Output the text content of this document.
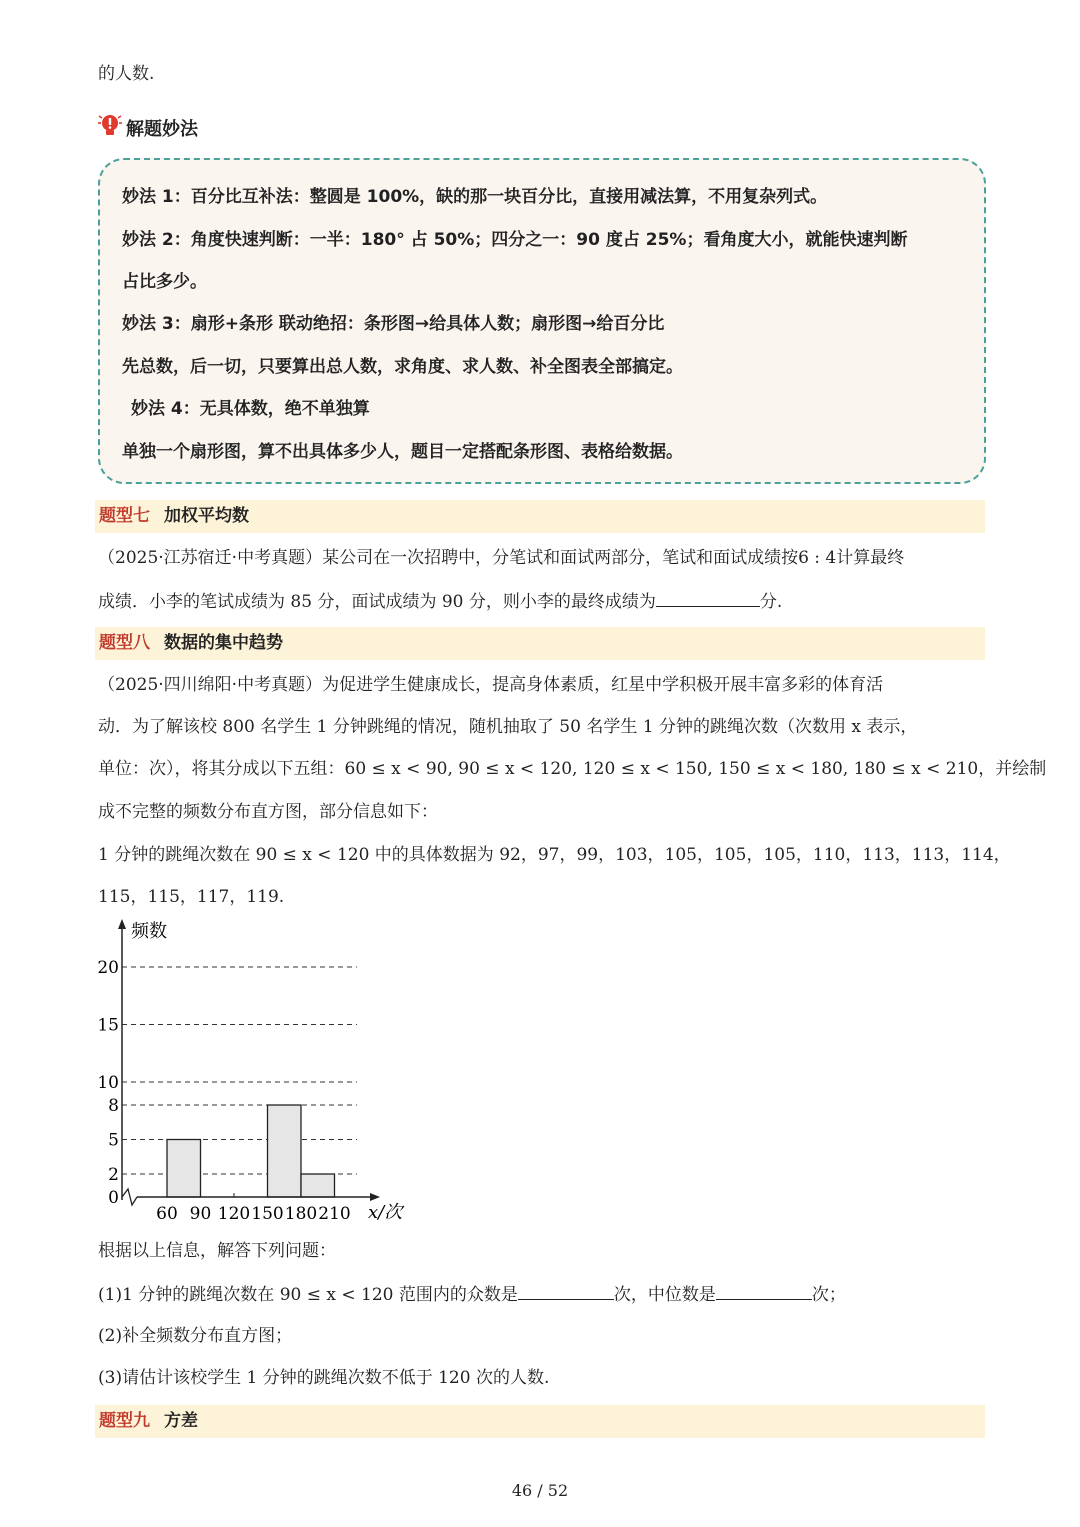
的人数.
解题妙法
妙法 1：百分比互补法：整圆是 100%，缺的那一块百分比，直接用减法算，不用复杂列式。
妙法 2：角度快速判断：一半：180° 占 50%；四分之一：90 度占 25%；看角度大小，就能快速判断
占比多少。
妙法 3：扇形+条形 联动绝招：条形图→给具体人数；扇形图→给百分比
先总数，后一切，只要算出总人数，求角度、求人数、补全图表全部搞定。
妙法 4：无具体数，绝不单独算
单独一个扇形图，算不出具体多少人，题目一定搭配条形图、表格给数据。
题型七 加权平均数
（2025·江苏宿迁·中考真题）某公司在一次招聘中，分笔试和面试两部分，笔试和面试成绩按6 : 4计算最终
成绩．小李的笔试成绩为 85 分，面试成绩为 90 分，则小李的最终成绩为	分.
题型八 数据的集中趋势
（2025·四川绵阳·中考真题）为促进学生健康成长，提高身体素质，红星中学积极开展丰富多彩的体育活
动．为了解该校 800 名学生 1 分钟跳绳的情况，随机抽取了 50 名学生 1 分钟的跳绳次数（次数用 x 表示，
单位：次），将其分成以下五组：60 ≤ x < 90, 90 ≤ x < 120, 120 ≤ x < 150, 150 ≤ x < 180, 180 ≤ x < 210，并绘制
成不完整的频数分布直方图，部分信息如下：
1 分钟的跳绳次数在 90 ≤ x < 120 中的具体数据为 92，97，99，103，105，105，105，110，113，113，114，
115，115，117，119.
频数
x/次
0
2
5
8
10
15
20
60 90 120 150 180 210
根据以上信息，解答下列问题：
(1)1 分钟的跳绳次数在 90 ≤ x < 120 范围内的众数是	次，中位数是	次；
(2)补全频数分布直方图；
(3)请估计该校学生 1 分钟的跳绳次数不低于 120 次的人数.
题型九 方差
46 / 52
